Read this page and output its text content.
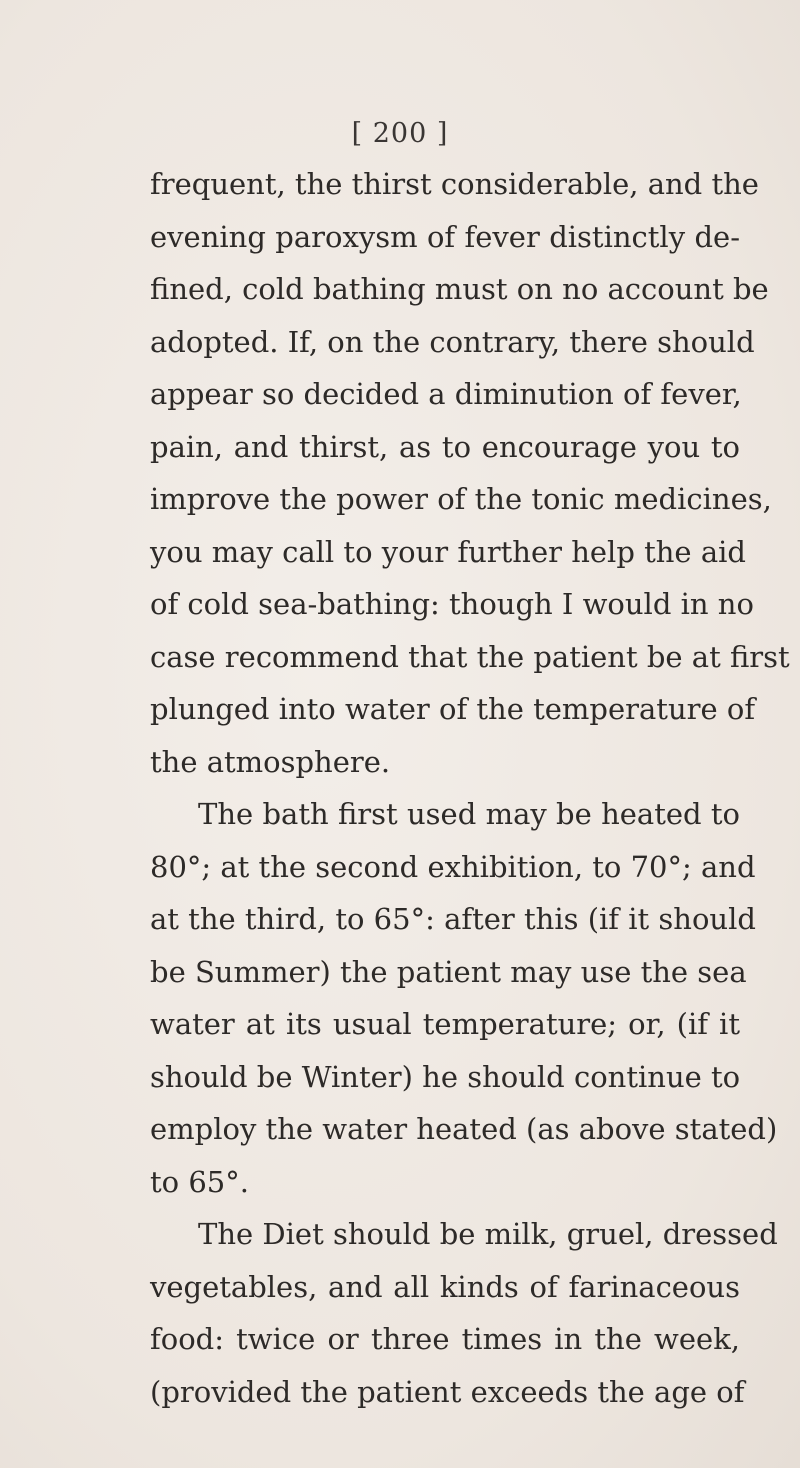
[ 200 ]
frequent, the thirst considerable, and the
evening paroxysm of fever distinctly de-
fined, cold bathing must on no account be
adopted. If, on the contrary, there should
appear so decided a diminution of fever,
pain, and thirst, as to encourage you to
improve the power of the tonic medicines,
you may call to your further help the aid
of cold sea-bathing: though I would in no
case recommend that the patient be at first
plunged into water of the temperature of
the atmosphere.
The bath first used may be heated to
80°; at the second exhibition, to 70°; and
at the third, to 65°: after this (if it should
be Summer) the patient may use the sea
water at its usual temperature; or, (if it
should be Winter) he should continue to
employ the water heated (as above stated)
to 65°.
The Diet should be milk, gruel, dressed
vegetables, and all kinds of farinaceous
food: twice or three times in the week,
(provided the patient exceeds the age of
